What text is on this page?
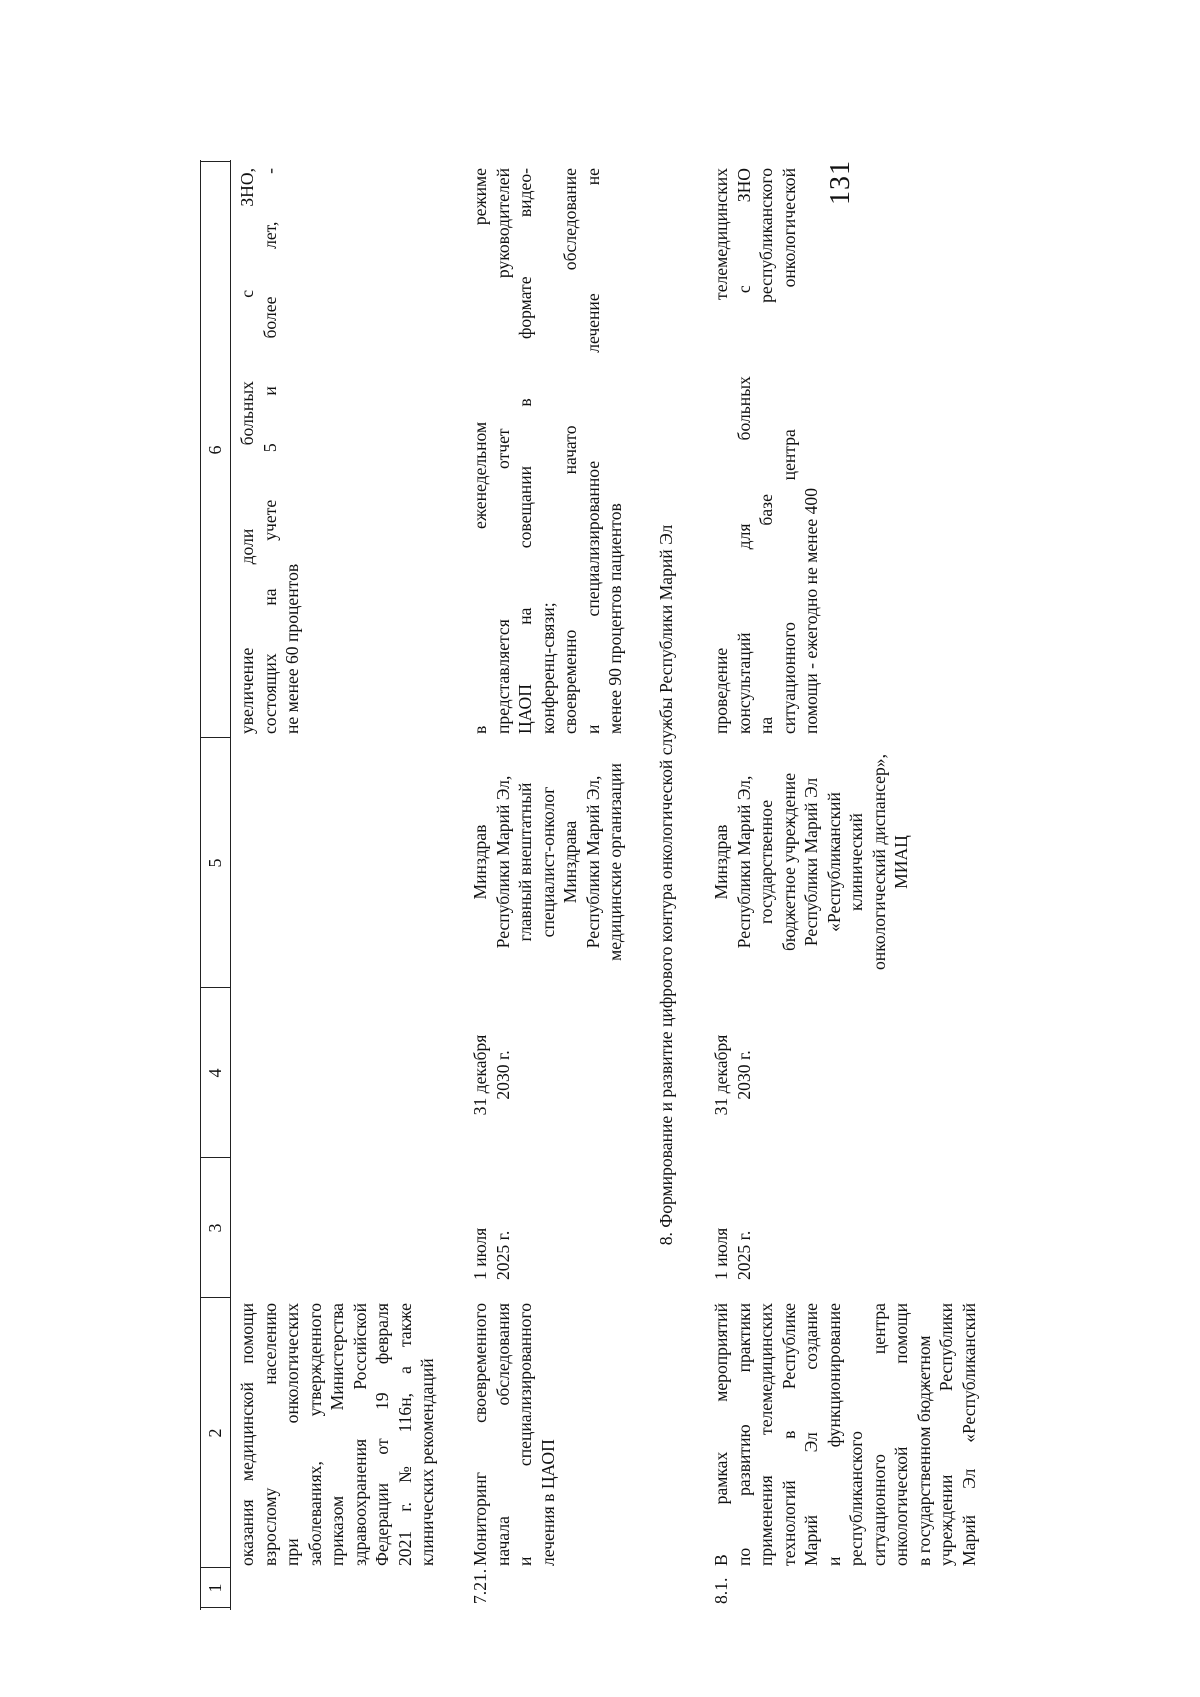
131
1
2
3
4
5
6
оказания медицинской помощи взрослому населению при онкологических заболеваниях, утвержденного приказом Министерства здравоохранения Российской Федерации от 19 февраля 2021 г. № 116н, а также клинических рекомендаций
увеличение доли больных с ЗНО, состоящих на учете 5 и более лет, - не менее 60 процентов
7.21.
Мониторинг своевременного начала обследования и специализированного лечения в ЦАОП
1 июля 2025 г.
31 декабря 2030 г.
Минздрав Республики Марий Эл, главный внештатный специалист-онколог Минздрава Республики Марий Эл, медицинские организации
в еженедельном режиме представляется отчет руководителей ЦАОП на совещании в формате видео- конференц-связи; своевременно начато обследование и специализированное лечение не менее 90 процентов пациентов 8. Формирование и развитие цифрового контура онкологической службы Республики Марий Эл
8.1.
В рамках мероприятий по развитию практики применения телемедицинских технологий в Республике Марий Эл создание и функционирование республиканского ситуационного центра онкологической помощи в государственном бюджетном учреждении Республики Марий Эл «Республиканский
1 июля 2025 г.
31 декабря 2030 г.
Минздрав Республики Марий Эл, государственное бюджетное учреждение Республики Марий Эл «Республиканский клинический онкологический диспансер», МИАЦ
проведение телемедицинских консультаций для больных с ЗНО на базе республиканского ситуационного центра онкологической помощи - ежегодно не менее 400
